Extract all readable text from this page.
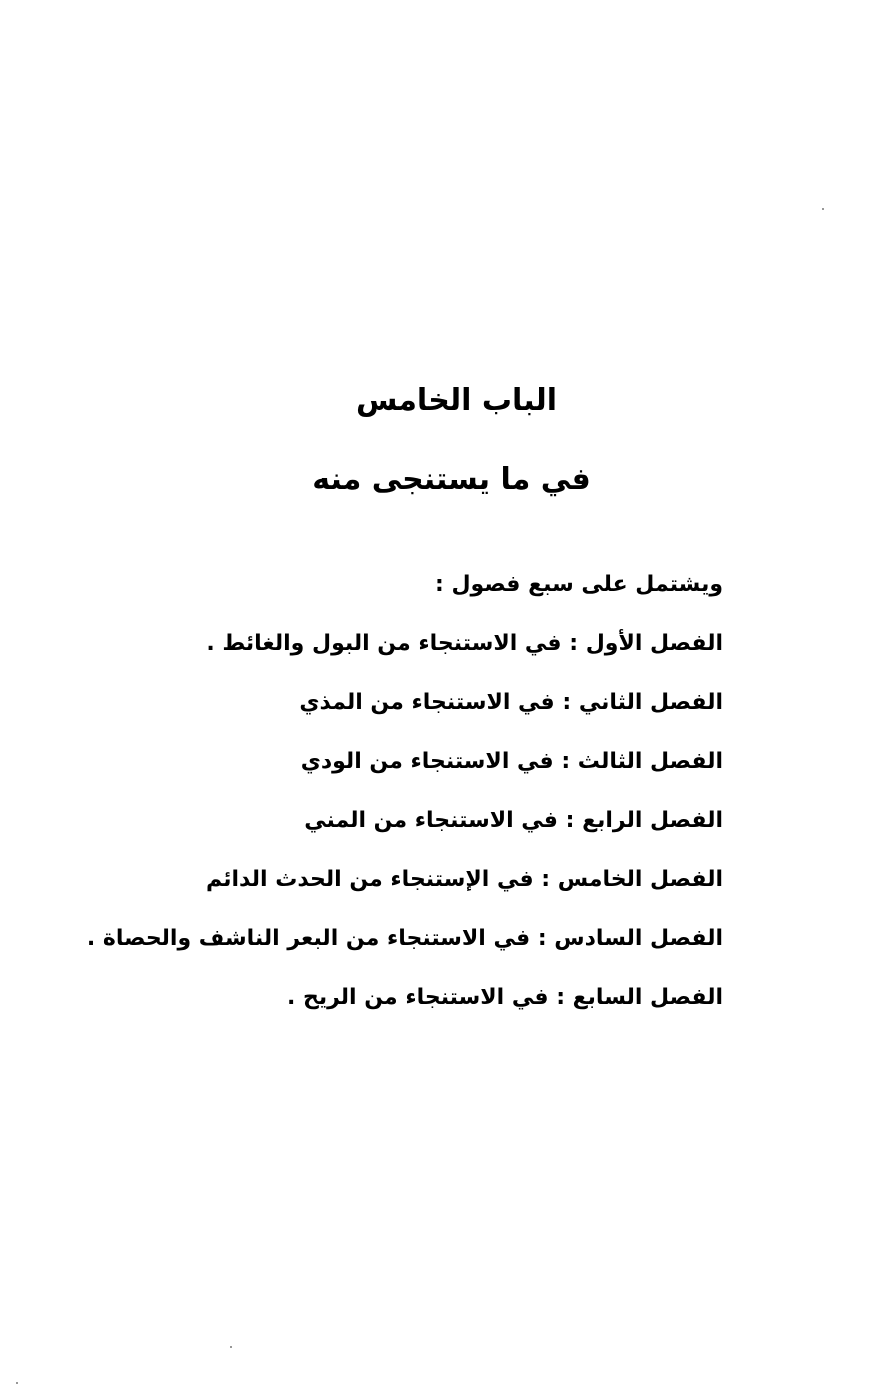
الباب الخامس
في ما يستنجى منه

ويشتمل على سبع فصول :

الفصل الأول : في الاستنجاء من البول والغائط .
الفصل الثاني : في الاستنجاء من المذي
الفصل الثالث : في الاستنجاء من الودي
الفصل الرابع : في الاستنجاء من المني
الفصل الخامس : في الإستنجاء من الحدث الدائم
الفصل السادس : في الاستنجاء من البعر الناشف والحصاة .
الفصل السابع : في الاستنجاء من الريح .
